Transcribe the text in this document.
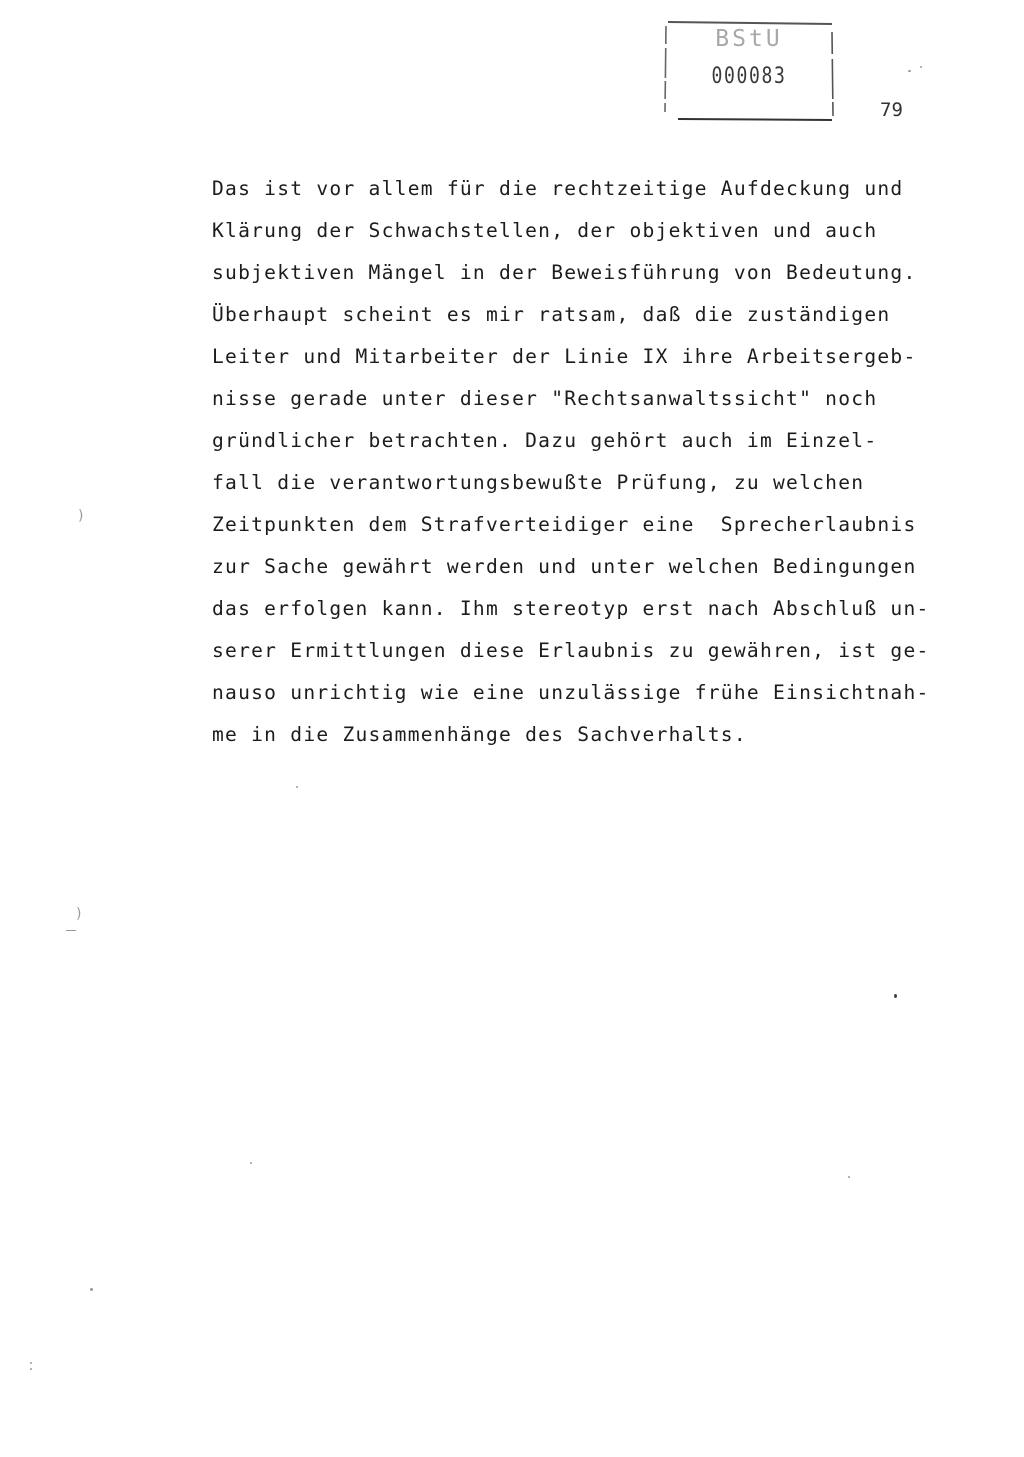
BStU
000083
79
Das ist vor allem für die rechtzeitige Aufdeckung und
Klärung der Schwachstellen, der objektiven und auch
subjektiven Mängel in der Beweisführung von Bedeutung.
Überhaupt scheint es mir ratsam, daß die zuständigen
Leiter und Mitarbeiter der Linie IX ihre Arbeitsergeb-
nisse gerade unter dieser "Rechtsanwaltssicht" noch
gründlicher betrachten. Dazu gehört auch im Einzel-
fall die verantwortungsbewußte Prüfung, zu welchen
Zeitpunkten dem Strafverteidiger eine  Sprecherlaubnis
zur Sache gewährt werden und unter welchen Bedingungen
das erfolgen kann. Ihm stereotyp erst nach Abschluß un-
serer Ermittlungen diese Erlaubnis zu gewähren, ist ge-
nauso unrichtig wie eine unzulässige frühe Einsichtnah-
me in die Zusammenhänge des Sachverhalts.
)
)
